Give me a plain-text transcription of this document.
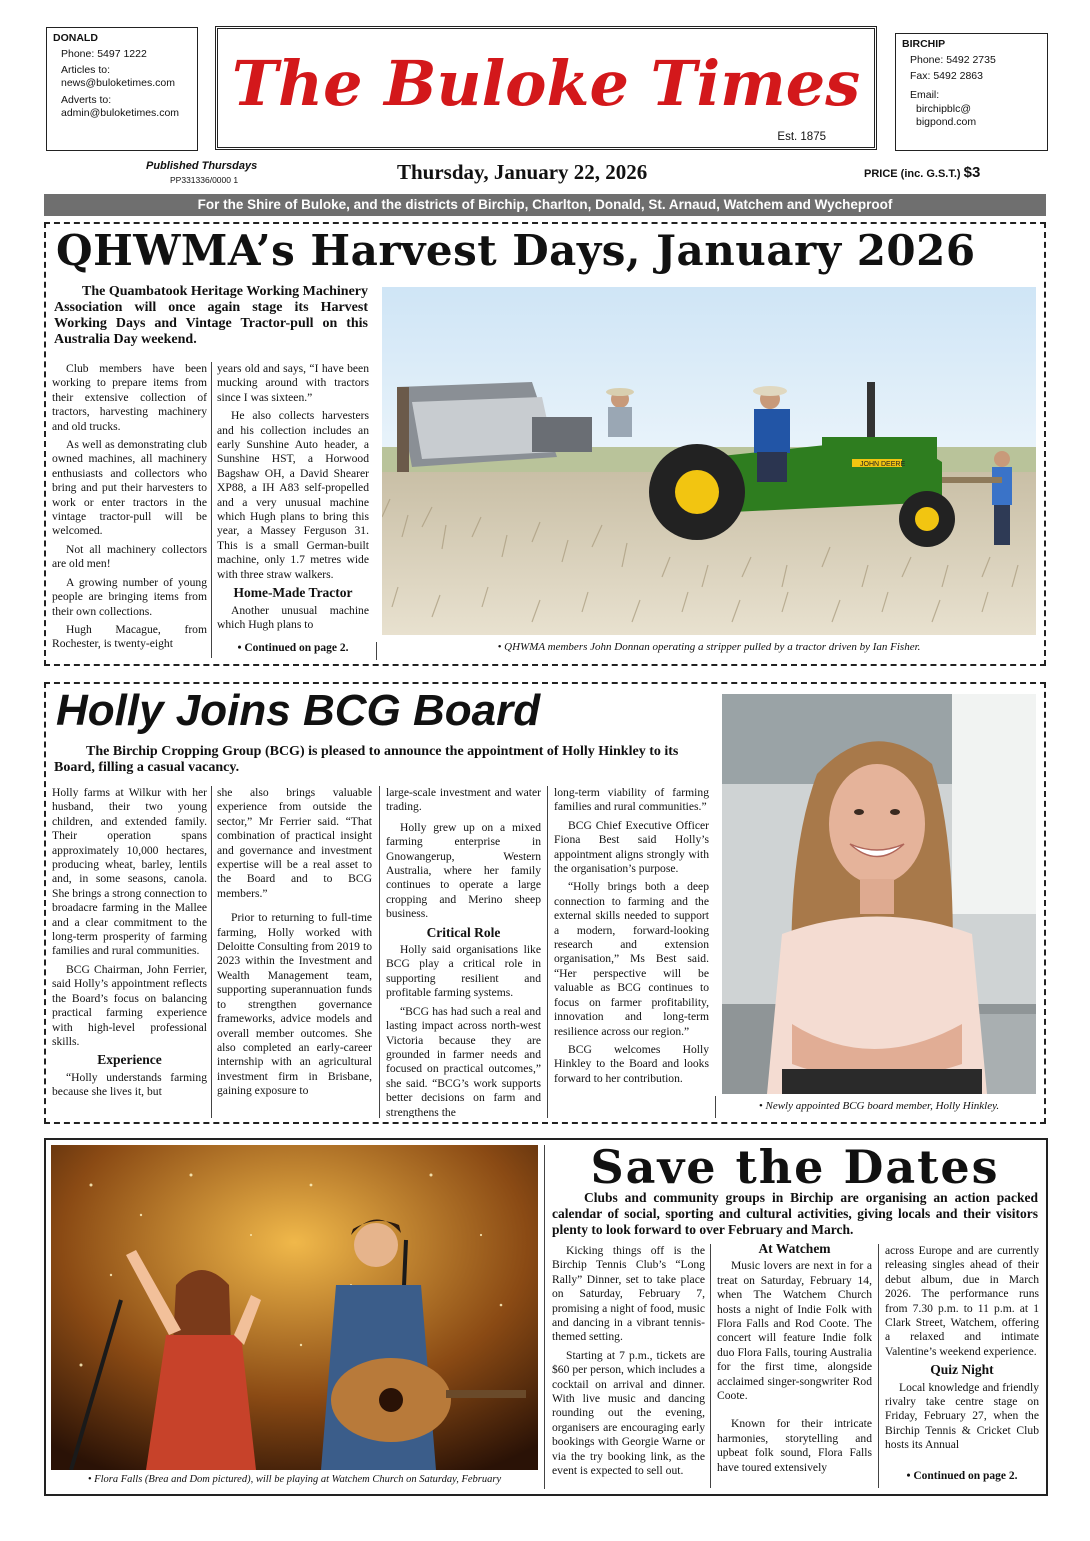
DONALD
Phone: 5497 1222
Articles to:
news@buloketimes.com
Adverts to:
admin@buloketimes.com The Buloke Times
Est. 1875
BIRCHIP
Phone: 5492 2735
Fax: 5492 2863
Email:
birchipblc@
bigpond.com
Published Thursdays
PP331336/0000 1	Thursday, January 22, 2026	PRICE (inc. G.S.T.) $3
For the Shire of Buloke, and the districts of Birchip, Charlton, Donald, St. Arnaud, Watchem and Wycheproof
QHWMA’s Harvest Days, January 2026
The Quambatook Heritage Working Machinery Association will once again stage its Harvest Working Days and Vintage Tractor-pull on this Australia Day weekend.

Club members have been working to prepare items from their extensive collection of tractors, harvesting machinery and old trucks.

As well as demonstrating club owned machines, all machinery enthusiasts and collectors who bring and put their harvesters to work or enter tractors in the vintage tractor-pull will be welcomed.

Not all machinery collectors are old men!

A growing number of young people are bringing items from their own collections.

Hugh Macague, from Rochester, is twenty-eight

years old and says, “I have been mucking around with tractors since I was sixteen.”

He also collects harvesters and his collection includes an early Sunshine Auto header, a Sunshine HST, a Horwood Bagshaw OH, a David Shearer XP88, a IH A83 self-propelled and a very unusual machine which Hugh plans to bring this year, a Massey Ferguson 31. This is a small German-built machine, only 1.7 metres wide with three straw walkers.

Home-Made Tractor

Another unusual machine which Hugh plans to

• Continued on page 2.
JOHN DEERE
• QHWMA members John Donnan operating a stripper pulled by a tractor driven by Ian Fisher.
Holly Joins BCG Board
The Birchip Cropping Group (BCG) is pleased to announce the appointment of Holly Hinkley to its Board, filling a casual vacancy.

Holly farms at Wilkur with her husband, their two young children, and extended family. Their operation spans approximately 10,000 hectares, producing wheat, barley, lentils and, in some seasons, canola. She brings a strong connection to broadacre farming in the Mallee and a clear commitment to the long-term prosperity of farming families and rural communities.

BCG Chairman, John Ferrier, said Holly’s appointment reflects the Board’s focus on balancing practical farming experience with high-level professional skills.

Experience

“Holly understands farming because she lives it, but

she also brings valuable experience from outside the sector,” Mr Ferrier said. “That combination of practical insight and governance and investment expertise will be a real asset to the Board and to BCG members.”

Prior to returning to full-time farming, Holly worked with Deloitte Consulting from 2019 to 2023 within the Investment and Wealth Management team, supporting superannuation funds to strengthen governance frameworks, advice models and overall member outcomes. She also completed an early-career internship with an agricultural investment firm in Brisbane, gaining exposure to

large-scale investment and water trading.

Holly grew up on a mixed farming enterprise in Gnowangerup, Western Australia, where her family continues to operate a large cropping and Merino sheep business.

Critical Role

Holly said organisations like BCG play a critical role in supporting resilient and profitable farming systems.

“BCG has had such a real and lasting impact across north-west Victoria because they are grounded in farmer needs and focused on practical outcomes,” she said. “BCG’s work supports better decisions on farm and strengthens the

long-term viability of farming families and rural communities.”

BCG Chief Executive Officer Fiona Best said Holly’s appointment aligns strongly with the organisation’s purpose.

“Holly brings both a deep connection to farming and the external skills needed to support a modern, forward-looking research and extension organisation,” Ms Best said. “Her perspective will be valuable as BCG continues to focus on farmer profitability, innovation and long-term resilience across our region.”

BCG welcomes Holly Hinkley to the Board and looks forward to her contribution.

• Newly appointed BCG board member, Holly Hinkley.
• Flora Falls (Brea and Dom pictured), will be playing at Watchem Church on Saturday, February
Save the Dates
Clubs and community groups in Birchip are organising an action packed calendar of social, sporting and cultural activities, giving locals and their visitors plenty to look forward to over February and March.

Kicking things off is the Birchip Tennis Club’s “Long Rally” Dinner, set to take place on Saturday, February 7, promising a night of food, music and dancing in a vibrant tennis-themed setting.

Starting at 7 p.m., tickets are $60 per person, which includes a cocktail on arrival and dinner. With live music and dancing rounding out the evening, organisers are encouraging early bookings with Georgie Warne or via the try booking link, as the event is expected to sell out.

At Watchem

Music lovers are next in for a treat on Saturday, February 14, when The Watchem Church hosts a night of Indie Folk with Flora Falls and Rod Coote. The concert will feature Indie folk duo Flora Falls, touring Australia for the first time, alongside acclaimed singer-songwriter Rod Coote.

Known for their intricate harmonies, storytelling and upbeat folk sound, Flora Falls have toured extensively

across Europe and are currently releasing singles ahead of their debut album, due in March 2026. The performance runs from 7.30 p.m. to 11 p.m. at 1 Clark Street, Watchem, offering a relaxed and intimate Valentine’s weekend experience.

Quiz Night

Local knowledge and friendly rivalry take centre stage on Friday, February 27, when the Birchip Tennis & Cricket Club hosts its Annual

• Continued on page 2.
